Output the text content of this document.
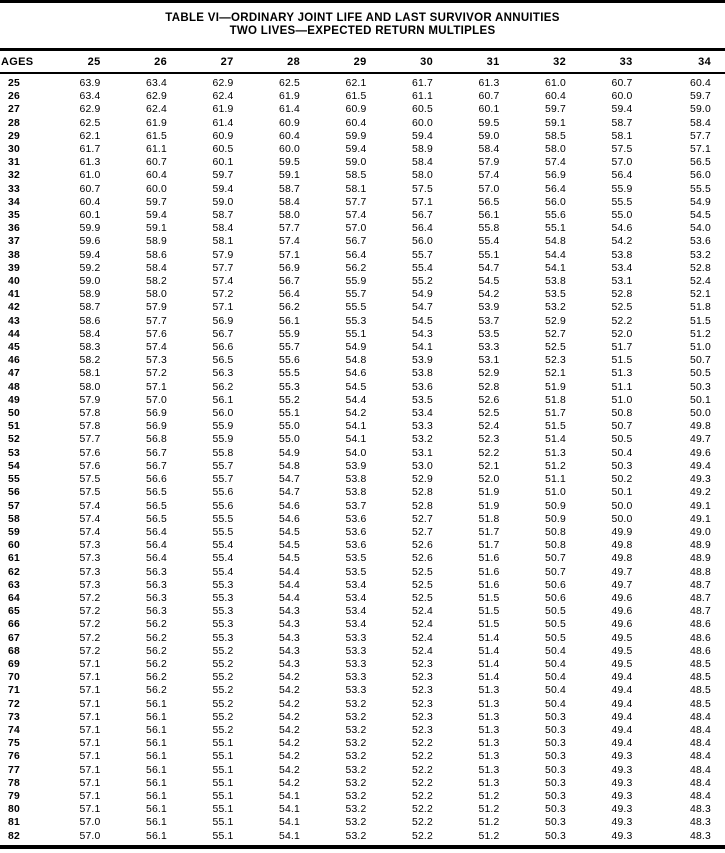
TABLE VI—ORDINARY JOINT LIFE AND LAST SURVIVOR ANNUITIES
TWO LIVES—EXPECTED RETURN MULTIPLES
AGES	25	26	27	28	29	30	31	32	33	34
25	63.9	63.4	62.9	62.5	62.1	61.7	61.3	61.0	60.7	60.4
26	63.4	62.9	62.4	61.9	61.5	61.1	60.7	60.4	60.0	59.7
27	62.9	62.4	61.9	61.4	60.9	60.5	60.1	59.7	59.4	59.0
28	62.5	61.9	61.4	60.9	60.4	60.0	59.5	59.1	58.7	58.4
29	62.1	61.5	60.9	60.4	59.9	59.4	59.0	58.5	58.1	57.7
30	61.7	61.1	60.5	60.0	59.4	58.9	58.4	58.0	57.5	57.1
31	61.3	60.7	60.1	59.5	59.0	58.4	57.9	57.4	57.0	56.5
32	61.0	60.4	59.7	59.1	58.5	58.0	57.4	56.9	56.4	56.0
33	60.7	60.0	59.4	58.7	58.1	57.5	57.0	56.4	55.9	55.5
34	60.4	59.7	59.0	58.4	57.7	57.1	56.5	56.0	55.5	54.9
35	60.1	59.4	58.7	58.0	57.4	56.7	56.1	55.6	55.0	54.5
36	59.9	59.1	58.4	57.7	57.0	56.4	55.8	55.1	54.6	54.0
37	59.6	58.9	58.1	57.4	56.7	56.0	55.4	54.8	54.2	53.6
38	59.4	58.6	57.9	57.1	56.4	55.7	55.1	54.4	53.8	53.2
39	59.2	58.4	57.7	56.9	56.2	55.4	54.7	54.1	53.4	52.8
40	59.0	58.2	57.4	56.7	55.9	55.2	54.5	53.8	53.1	52.4
41	58.9	58.0	57.2	56.4	55.7	54.9	54.2	53.5	52.8	52.1
42	58.7	57.9	57.1	56.2	55.5	54.7	53.9	53.2	52.5	51.8
43	58.6	57.7	56.9	56.1	55.3	54.5	53.7	52.9	52.2	51.5
44	58.4	57.6	56.7	55.9	55.1	54.3	53.5	52.7	52.0	51.2
45	58.3	57.4	56.6	55.7	54.9	54.1	53.3	52.5	51.7	51.0
46	58.2	57.3	56.5	55.6	54.8	53.9	53.1	52.3	51.5	50.7
47	58.1	57.2	56.3	55.5	54.6	53.8	52.9	52.1	51.3	50.5
48	58.0	57.1	56.2	55.3	54.5	53.6	52.8	51.9	51.1	50.3
49	57.9	57.0	56.1	55.2	54.4	53.5	52.6	51.8	51.0	50.1
50	57.8	56.9	56.0	55.1	54.2	53.4	52.5	51.7	50.8	50.0
51	57.8	56.9	55.9	55.0	54.1	53.3	52.4	51.5	50.7	49.8
52	57.7	56.8	55.9	55.0	54.1	53.2	52.3	51.4	50.5	49.7
53	57.6	56.7	55.8	54.9	54.0	53.1	52.2	51.3	50.4	49.6
54	57.6	56.7	55.7	54.8	53.9	53.0	52.1	51.2	50.3	49.4
55	57.5	56.6	55.7	54.7	53.8	52.9	52.0	51.1	50.2	49.3
56	57.5	56.5	55.6	54.7	53.8	52.8	51.9	51.0	50.1	49.2
57	57.4	56.5	55.6	54.6	53.7	52.8	51.9	50.9	50.0	49.1
58	57.4	56.5	55.5	54.6	53.6	52.7	51.8	50.9	50.0	49.1
59	57.4	56.4	55.5	54.5	53.6	52.7	51.7	50.8	49.9	49.0
60	57.3	56.4	55.4	54.5	53.6	52.6	51.7	50.8	49.8	48.9
61	57.3	56.4	55.4	54.5	53.5	52.6	51.6	50.7	49.8	48.9
62	57.3	56.3	55.4	54.4	53.5	52.5	51.6	50.7	49.7	48.8
63	57.3	56.3	55.3	54.4	53.4	52.5	51.6	50.6	49.7	48.7
64	57.2	56.3	55.3	54.4	53.4	52.5	51.5	50.6	49.6	48.7
65	57.2	56.3	55.3	54.3	53.4	52.4	51.5	50.5	49.6	48.7
66	57.2	56.2	55.3	54.3	53.4	52.4	51.5	50.5	49.6	48.6
67	57.2	56.2	55.3	54.3	53.3	52.4	51.4	50.5	49.5	48.6
68	57.2	56.2	55.2	54.3	53.3	52.4	51.4	50.4	49.5	48.6
69	57.1	56.2	55.2	54.3	53.3	52.3	51.4	50.4	49.5	48.5
70	57.1	56.2	55.2	54.2	53.3	52.3	51.4	50.4	49.4	48.5
71	57.1	56.2	55.2	54.2	53.3	52.3	51.3	50.4	49.4	48.5
72	57.1	56.1	55.2	54.2	53.2	52.3	51.3	50.4	49.4	48.5
73	57.1	56.1	55.2	54.2	53.2	52.3	51.3	50.3	49.4	48.4
74	57.1	56.1	55.2	54.2	53.2	52.3	51.3	50.3	49.4	48.4
75	57.1	56.1	55.1	54.2	53.2	52.2	51.3	50.3	49.4	48.4
76	57.1	56.1	55.1	54.2	53.2	52.2	51.3	50.3	49.3	48.4
77	57.1	56.1	55.1	54.2	53.2	52.2	51.3	50.3	49.3	48.4
78	57.1	56.1	55.1	54.2	53.2	52.2	51.3	50.3	49.3	48.4
79	57.1	56.1	55.1	54.1	53.2	52.2	51.2	50.3	49.3	48.4
80	57.1	56.1	55.1	54.1	53.2	52.2	51.2	50.3	49.3	48.3
81	57.0	56.1	55.1	54.1	53.2	52.2	51.2	50.3	49.3	48.3
82	57.0	56.1	55.1	54.1	53.2	52.2	51.2	50.3	49.3	48.3
